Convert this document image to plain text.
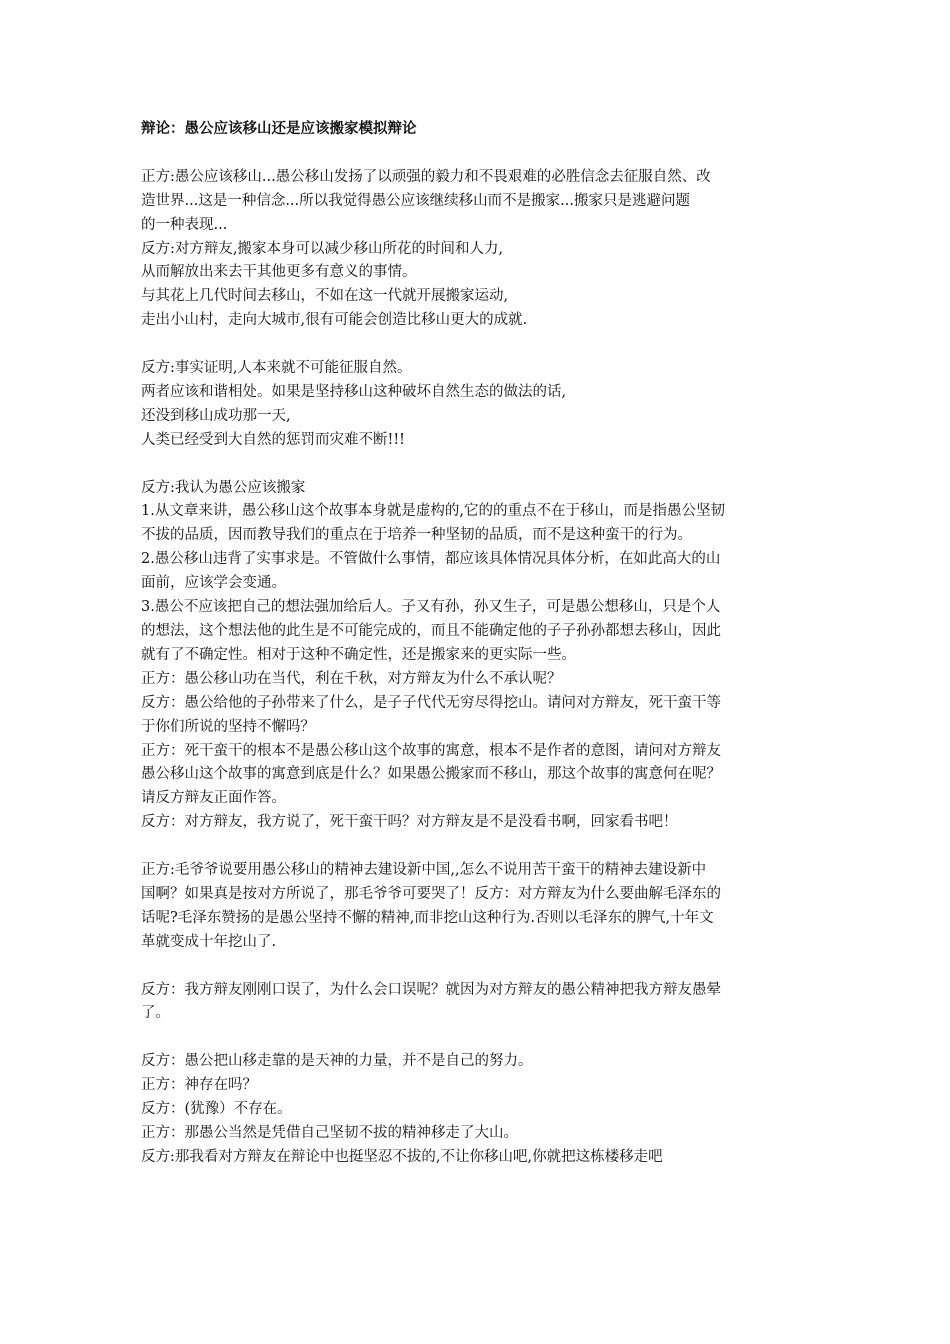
辩论：愚公应该移山还是应该搬家模拟辩论
正方:愚公应该移山...愚公移山发扬了以顽强的毅力和不畏艰难的必胜信念去征服自然、改
造世界...这是一种信念...所以我觉得愚公应该继续移山而不是搬家...搬家只是逃避问题
的一种表现...
反方:对方辩友,搬家本身可以减少移山所花的时间和人力,
从而解放出来去干其他更多有意义的事情。
与其花上几代时间去移山，不如在这一代就开展搬家运动,
走出小山村，走向大城市,很有可能会创造比移山更大的成就.
反方:事实证明,人本来就不可能征服自然。
两者应该和谐相处。如果是坚持移山这种破坏自然生态的做法的话,
还没到移山成功那一天,
人类已经受到大自然的惩罚而灾难不断!!!
反方:我认为愚公应该搬家
1.从文章来讲，愚公移山这个故事本身就是虚构的,它的的重点不在于移山，而是指愚公坚韧
不拔的品质，因而教导我们的重点在于培养一种坚韧的品质，而不是这种蛮干的行为。
2.愚公移山违背了实事求是。不管做什么事情，都应该具体情况具体分析，在如此高大的山
面前，应该学会变通。
3.愚公不应该把自己的想法强加给后人。子又有孙，孙又生子，可是愚公想移山，只是个人
的想法，这个想法他的此生是不可能完成的，而且不能确定他的子子孙孙都想去移山，因此
就有了不确定性。相对于这种不确定性，还是搬家来的更实际一些。
正方：愚公移山功在当代，利在千秋，对方辩友为什么不承认呢？
反方：愚公给他的子孙带来了什么，是子子代代无穷尽得挖山。请问对方辩友，死干蛮干等
于你们所说的坚持不懈吗？
正方：死干蛮干的根本不是愚公移山这个故事的寓意，根本不是作者的意图，请问对方辩友
愚公移山这个故事的寓意到底是什么？如果愚公搬家而不移山，那这个故事的寓意何在呢？
请反方辩友正面作答。
反方：对方辩友，我方说了，死干蛮干吗？对方辩友是不是没看书啊，回家看书吧！
正方:毛爷爷说要用愚公移山的精神去建设新中国,,怎么不说用苦干蛮干的精神去建设新中
国啊？如果真是按对方所说了，那毛爷爷可要哭了！反方：对方辩友为什么要曲解毛泽东的
话呢?毛泽东赞扬的是愚公坚持不懈的精神,而非挖山这种行为.否则以毛泽东的脾气,十年文
革就变成十年挖山了.
反方：我方辩友刚刚口误了，为什么会口误呢？就因为对方辩友的愚公精神把我方辩友愚晕
了。
反方：愚公把山移走靠的是天神的力量，并不是自己的努力。
正方：神存在吗？
反方：(犹豫）不存在。
正方：那愚公当然是凭借自己坚韧不拔的精神移走了大山。
反方:那我看对方辩友在辩论中也挺坚忍不拔的,不让你移山吧,你就把这栋楼移走吧
